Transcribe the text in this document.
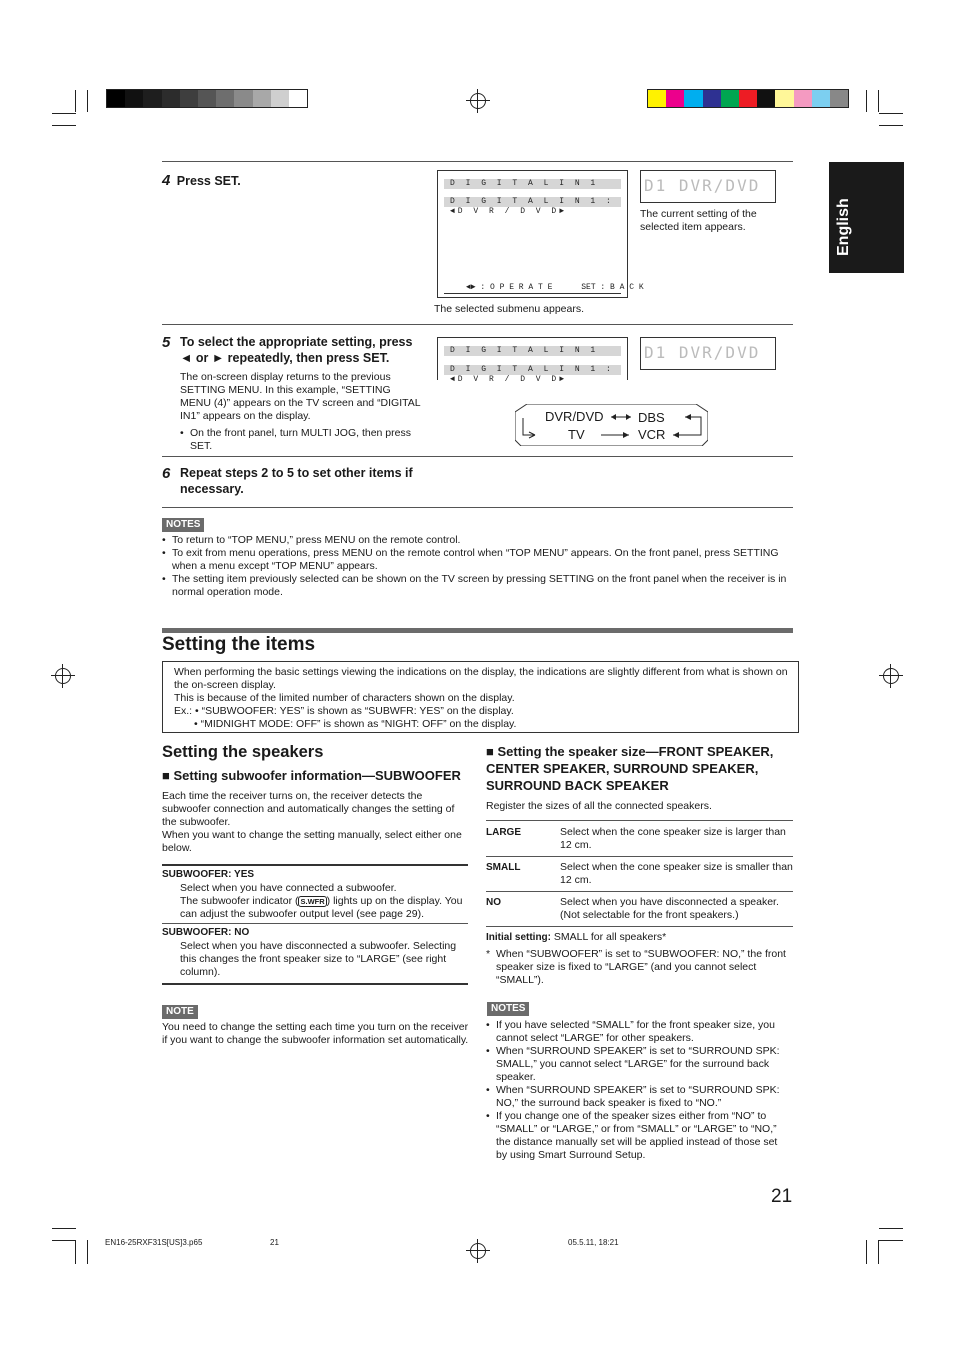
English
4 Press SET.	D I G I T A L I N 1
D I G I T A L I N 1 : ◄D V R / D V D►
◄► : O P E R A T E      SET : B A C K
The selected submenu appears.
D1 DVR/DVD
The current setting of the selected item appears.
5 To select the appropriate setting, press ◄ or ► repeatedly, then press SET.
The on-screen display returns to the previous SETTING MENU. In this example, “SETTING MENU (4)” appears on the TV screen and “DIGITAL IN1” appears on the display.
• On the front panel, turn MULTI JOG, then press SET.
D I G I T A L I N 1
D I G I T A L I N 1 : ◄D V R / D V D►
D1 DVR/DVD
DVR/DVD	DBS
TV	VCR
6 Repeat steps 2 to 5 to set other items if necessary.
NOTES
• To return to “TOP MENU,” press MENU on the remote control.
• To exit from menu operations, press MENU on the remote control when “TOP MENU” appears. On the front panel, press SETTING when a menu except “TOP MENU” appears.
• The setting item previously selected can be shown on the TV screen by pressing SETTING on the front panel when the receiver is in normal operation mode.
Setting the items
When performing the basic settings viewing the indications on the display, the indications are slightly different from what is shown on the on-screen display.
This is because of the limited number of characters shown on the display.
Ex.: • “SUBWOOFER: YES” is shown as “SUBWFR: YES” on the display.
• “MIDNIGHT MODE: OFF” is shown as “NIGHT: OFF” on the display.
Setting the speakers
■ Setting subwoofer information—SUBWOOFER
Each time the receiver turns on, the receiver detects the subwoofer connection and automatically changes the setting of the subwoofer.
When you want to change the setting manually, select either one below.
SUBWOOFER: YES
Select when you have connected a subwoofer.
The subwoofer indicator ( S.WFR ) lights up on the display. You can adjust the subwoofer output level (see page 29).
SUBWOOFER: NO
Select when you have disconnected a subwoofer. Selecting this changes the front speaker size to “LARGE” (see right column).
NOTE
You need to change the setting each time you turn on the receiver if you want to change the subwoofer information set automatically.
■ Setting the speaker size—FRONT SPEAKER, CENTER SPEAKER, SURROUND SPEAKER, SURROUND BACK SPEAKER
Register the sizes of all the connected speakers.
LARGE	Select when the cone speaker size is larger than 12 cm.
SMALL	Select when the cone speaker size is smaller than 12 cm.
NO	Select when you have disconnected a speaker. (Not selectable for the front speakers.)
Initial setting: SMALL for all speakers*
* When “SUBWOOFER” is set to “SUBWOOFER: NO,” the front speaker size is fixed to “LARGE” (and you cannot select “SMALL”).
NOTES
• If you have selected “SMALL” for the front speaker size, you cannot select “LARGE” for other speakers.
• When “SURROUND SPEAKER” is set to “SURROUND SPK: SMALL,” you cannot select “LARGE” for the surround back speaker.
• When “SURROUND SPEAKER” is set to “SURROUND SPK: NO,” the surround back speaker is fixed to “NO.”
• If you change one of the speaker sizes either from “NO” to “SMALL” or “LARGE,” or from “SMALL” or “LARGE” to “NO,” the distance manually set will be applied instead of those set by using Smart Surround Setup.
21
EN16-25RXF31S[US]3.p65	21	05.5.11, 18:21
